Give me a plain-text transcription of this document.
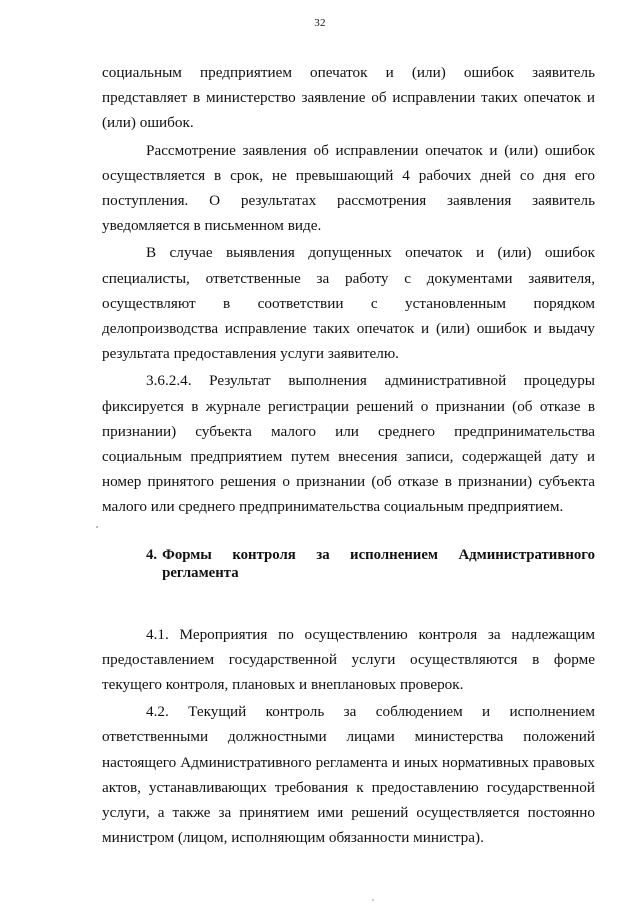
32

социальным предприятием опечаток и (или) ошибок заявитель представляет в министерство заявление об исправлении таких опечаток и (или) ошибок.

Рассмотрение заявления об исправлении опечаток и (или) ошибок осуществляется в срок, не превышающий 4 рабочих дней со дня его поступления. О результатах рассмотрения заявления заявитель уведомляется в письменном виде.

В случае выявления допущенных опечаток и (или) ошибок специалисты, ответственные за работу с документами заявителя, осуществляют в соответствии с установленным порядком делопроизводства исправление таких опечаток и (или) ошибок и выдачу результата предоставления услуги заявителю.

3.6.2.4. Результат выполнения административной процедуры фиксируется в журнале регистрации решений о признании (об отказе в признании) субъекта малого или среднего предпринимательства социальным предприятием путем внесения записи, содержащей дату и номер принятого решения о признании (об отказе в признании) субъекта малого или среднего предпринимательства социальным предприятием.

4. Формы контроля за исполнением Административного регламента

4.1. Мероприятия по осуществлению контроля за надлежащим предоставлением государственной услуги осуществляются в форме текущего контроля, плановых и внеплановых проверок.

4.2. Текущий контроль за соблюдением и исполнением ответственными должностными лицами министерства положений настоящего Административного регламента и иных нормативных правовых актов, устанавливающих требования к предоставлению государственной услуги, а также за принятием ими решений осуществляется постоянно министром (лицом, исполняющим обязанности министра).
